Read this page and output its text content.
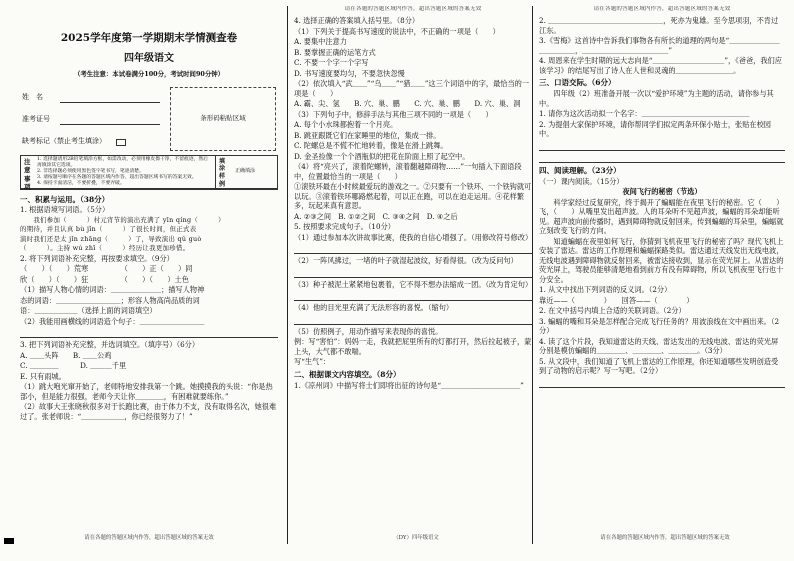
2025学年度第一学期期末学情测查卷
四年级语文
（考生注意：本试卷满分100分，考试时间90分钟）
姓　名
准考证号
缺考标记（禁止考生填涂）
条形码粘贴区域
注意事项
1. 选择题请用2B铅笔填涂方框，如需改动，必须用橡皮擦干净，不留痕迹，然后再填涂其它选项。
2. 非选择题必须使用黑色签字笔书写，笔迹清楚。
3. 请按题号顺序在各题的答题区域内作答，超出答题区域书写的答案无效。
4. 保持卡面清洁，不要折叠，不要弄破。
填涂样例
正确填涂
一、积累与运用。（38分）
1. 根据语境写词语。（5分）
　　我们参加（　　　）村元宵节的演出充满了 yīn qíng（　　　）
的期待，并且认真 bù jǐn（　　　）了很长时间，但正式表
演时我们还是太 jǐn zhāng（　　　）了，导致演出 qǔ guò
（　　　）。主持 wú zhī（　　　）经历让我更加珍惜。
2. 将下列词语补充完整，再按要求填空。（9分）
（　　）（　　）荒寒　　　　　（　　）正（　　）同
欣（　　）（　　）狂　　　　　（　　）（　　）土色
（1）描写人物心情的词语：＿＿＿＿＿＿＿；描写人物神
态的词语：＿＿＿＿＿＿＿＿＿；形容人物高尚品质的词
语：＿＿＿＿＿＿（选择上面的词语填空）
（2）我能用画横线的词语造个句子：＿＿＿＿＿＿＿＿＿
3. 把下列词语补充完整，并选词填空。（填序号）（6分）
A. ＿＿头阵　　B. ＿＿公鸡
C. ＿＿＿＿　　　D. ＿＿＿千里
E. 只有雨城。
（1）跳大咆光窜开始了，老师特地安排我第一个跳。她摸摸我的头说：“你是热部小，但是能力很强，老师今天让你＿＿＿＿，有困难就要练你。”
（2）故事大王张晓秋很多对于长跑比赛，由于体力不支，没有取得名次，她很难过了。张老师说：“＿＿＿＿＿＿，你已经很努力了！”
请在各题的答题区域内作答，超出答题区域的答案无效
请在各题的答题区域内作答，超出答题区域的答案无效
4. 选择正确的答案填入括号里。（8分）
（1）下列关于提高书写速度的说法中，不正确的一项是（　　）
A. 要集中注意力
B. 要掌握正确的运笔方式
C. 不要一个字一个字写
D. 书写速度要均匀，不要忽快忽慢
（2）依次填入“武＿＿”“乌＿＿”“猎＿＿”这三个词语中的字，最恰当的一项是（　　）
A. 霸、尖、氢　　B. 穴、巢、鹏　　C. 穴、巢、鹏　　D. 穴、巢、洞
（3）下列句子中，修辞手法与其他三项不同的一项是（　　）
A. 每个小水珠都抱着一个月亮。
B. 跳亚跟既它们在家睡里的地位，集成一排。
C. 陀螺总是不慌不忙地转着，像是在滑上跳舞。
D. 金圣捡像一个个酒瓶似的把花在阶面上照了起空中。
（4）将“亮兴了，滚着陀螺转，滚着翻越障碍物……”一句插入下面语段中，位置最恰当的一项是（　　）
①滚铁环最在小时候最爱玩的游戏之一。②只要有一个铁环、一个铁钩就可以玩。③滚着铁环哪路燃起着，可以正在跑，可以在迫走运用。④花样繁多，玩起来真有意思。
A. ②③之间　B. ①②之间　C. ③④之间　D. ④之后
5. 按照要求完成句子。（10分）
（1）通过参加本次讲故事比赛，使我的自信心增强了。（用修改符号修改）
（2）一阵风拂过，一堵的叶子就湿起波纹，好看得很。（改为反问句）
（3）种子被泥土紧紧地包裹着，它不得不想办法缩成一团。（改为肯定句）
（4）他的目光里充满了无法形容的喜悦。（缩句）
（5）仿照例子，用动作描写来表现你的喜悦。
例：写“害怕”：妈妈一走，我就把屁里所有的灯都打开，然后拉起被子，蒙上头，大气都不敢喘。
写“生气”：
二、根据课文内容填空。（8分）
1.《凉州词》中描写将士们即将出征的诗句是“＿＿＿＿＿＿＿＿＿＿＿”
（DY）四年级语文
请在各题的答题区域内作答，超出答题区域的答案无效
2. ＿＿＿＿＿＿＿＿＿＿＿＿＿＿＿＿，死亦为鬼雄。至今思项羽，不肯过江东。
3.《雪梅》这首诗中告诉我们事物各有所长的道理的两句是“＿＿＿＿＿＿＿＿＿＿＿＿，＿＿＿＿＿＿＿＿＿＿＿＿”
4. 周恩来在学生时期的远大志向是“＿＿＿＿＿＿＿＿＿＿”，《爸爸，我们应该学习》的结尾写出了诗人在人世和灵魂的＿＿＿＿＿＿＿＿。
三、口语交际。（6分）
　　四年级（2）班准备开展一次以“爱护环境”为主题的活动，请你参与其中。
1. 请你为这次活动拟一个名字：＿＿＿＿＿＿＿＿＿＿＿＿＿＿＿
2. 为提倡大家保护环境，请你帮同学们拟定两条环保小贴士，张贴在校园中。
四、阅读理解。（23分）
（一）课内阅读。（15分）
夜间飞行的秘密（节选）
　　科学家经过反复研究，终于揭开了蝙蝠能在夜里飞行的秘密。它（　　）飞，（　　）从嘴里发出超声波。人的耳朵听不见超声波，蝙蝠的耳朵却能听见。超声波向前传播时，遇到障碍物就反射回来，传到蝙蝠的耳朵里，蝙蝠就立刻改变飞行的方向。
　　知道蝙蝠在夜里如何飞行，你猜到飞机夜里飞行的秘密了吗？现代飞机上安装了雷达。雷达的工作原理和蝙蝠探路类似。雷达通过天线发出无线电波，无线电波遇到障碍物就反射回来，被雷达接收到，显示在荧光屏上。从雷达的荧光屏上，驾驶员能够清楚地看到前方有没有障碍物，所以飞机夜里飞行也十分安全。
1. 从文中找出下列词语的反义词。（2分）
靠近——（　　　　）　　回答——（　　　　）
2. 在文中括号内填上合适的关联词语。（2分）
3. 蝙蝠的嘴和耳朵是怎样配合完成飞行任务的？用波浪线在文中画出来。（2分）
4. 读了这个片段，我知道雷达的天线、雷达发出的无线电波、雷达的荧光屏分别是模仿蝙蝠的＿＿＿＿、＿＿＿＿、＿＿＿＿。（3分）
5. 从文段中，我们知道了飞机上雷达的工作原理，你还知道哪些发明创造受到了动物的启示呢？写一写吧。（2分）
请在各题的答题区域内作答，超出答题区域的答案无效
